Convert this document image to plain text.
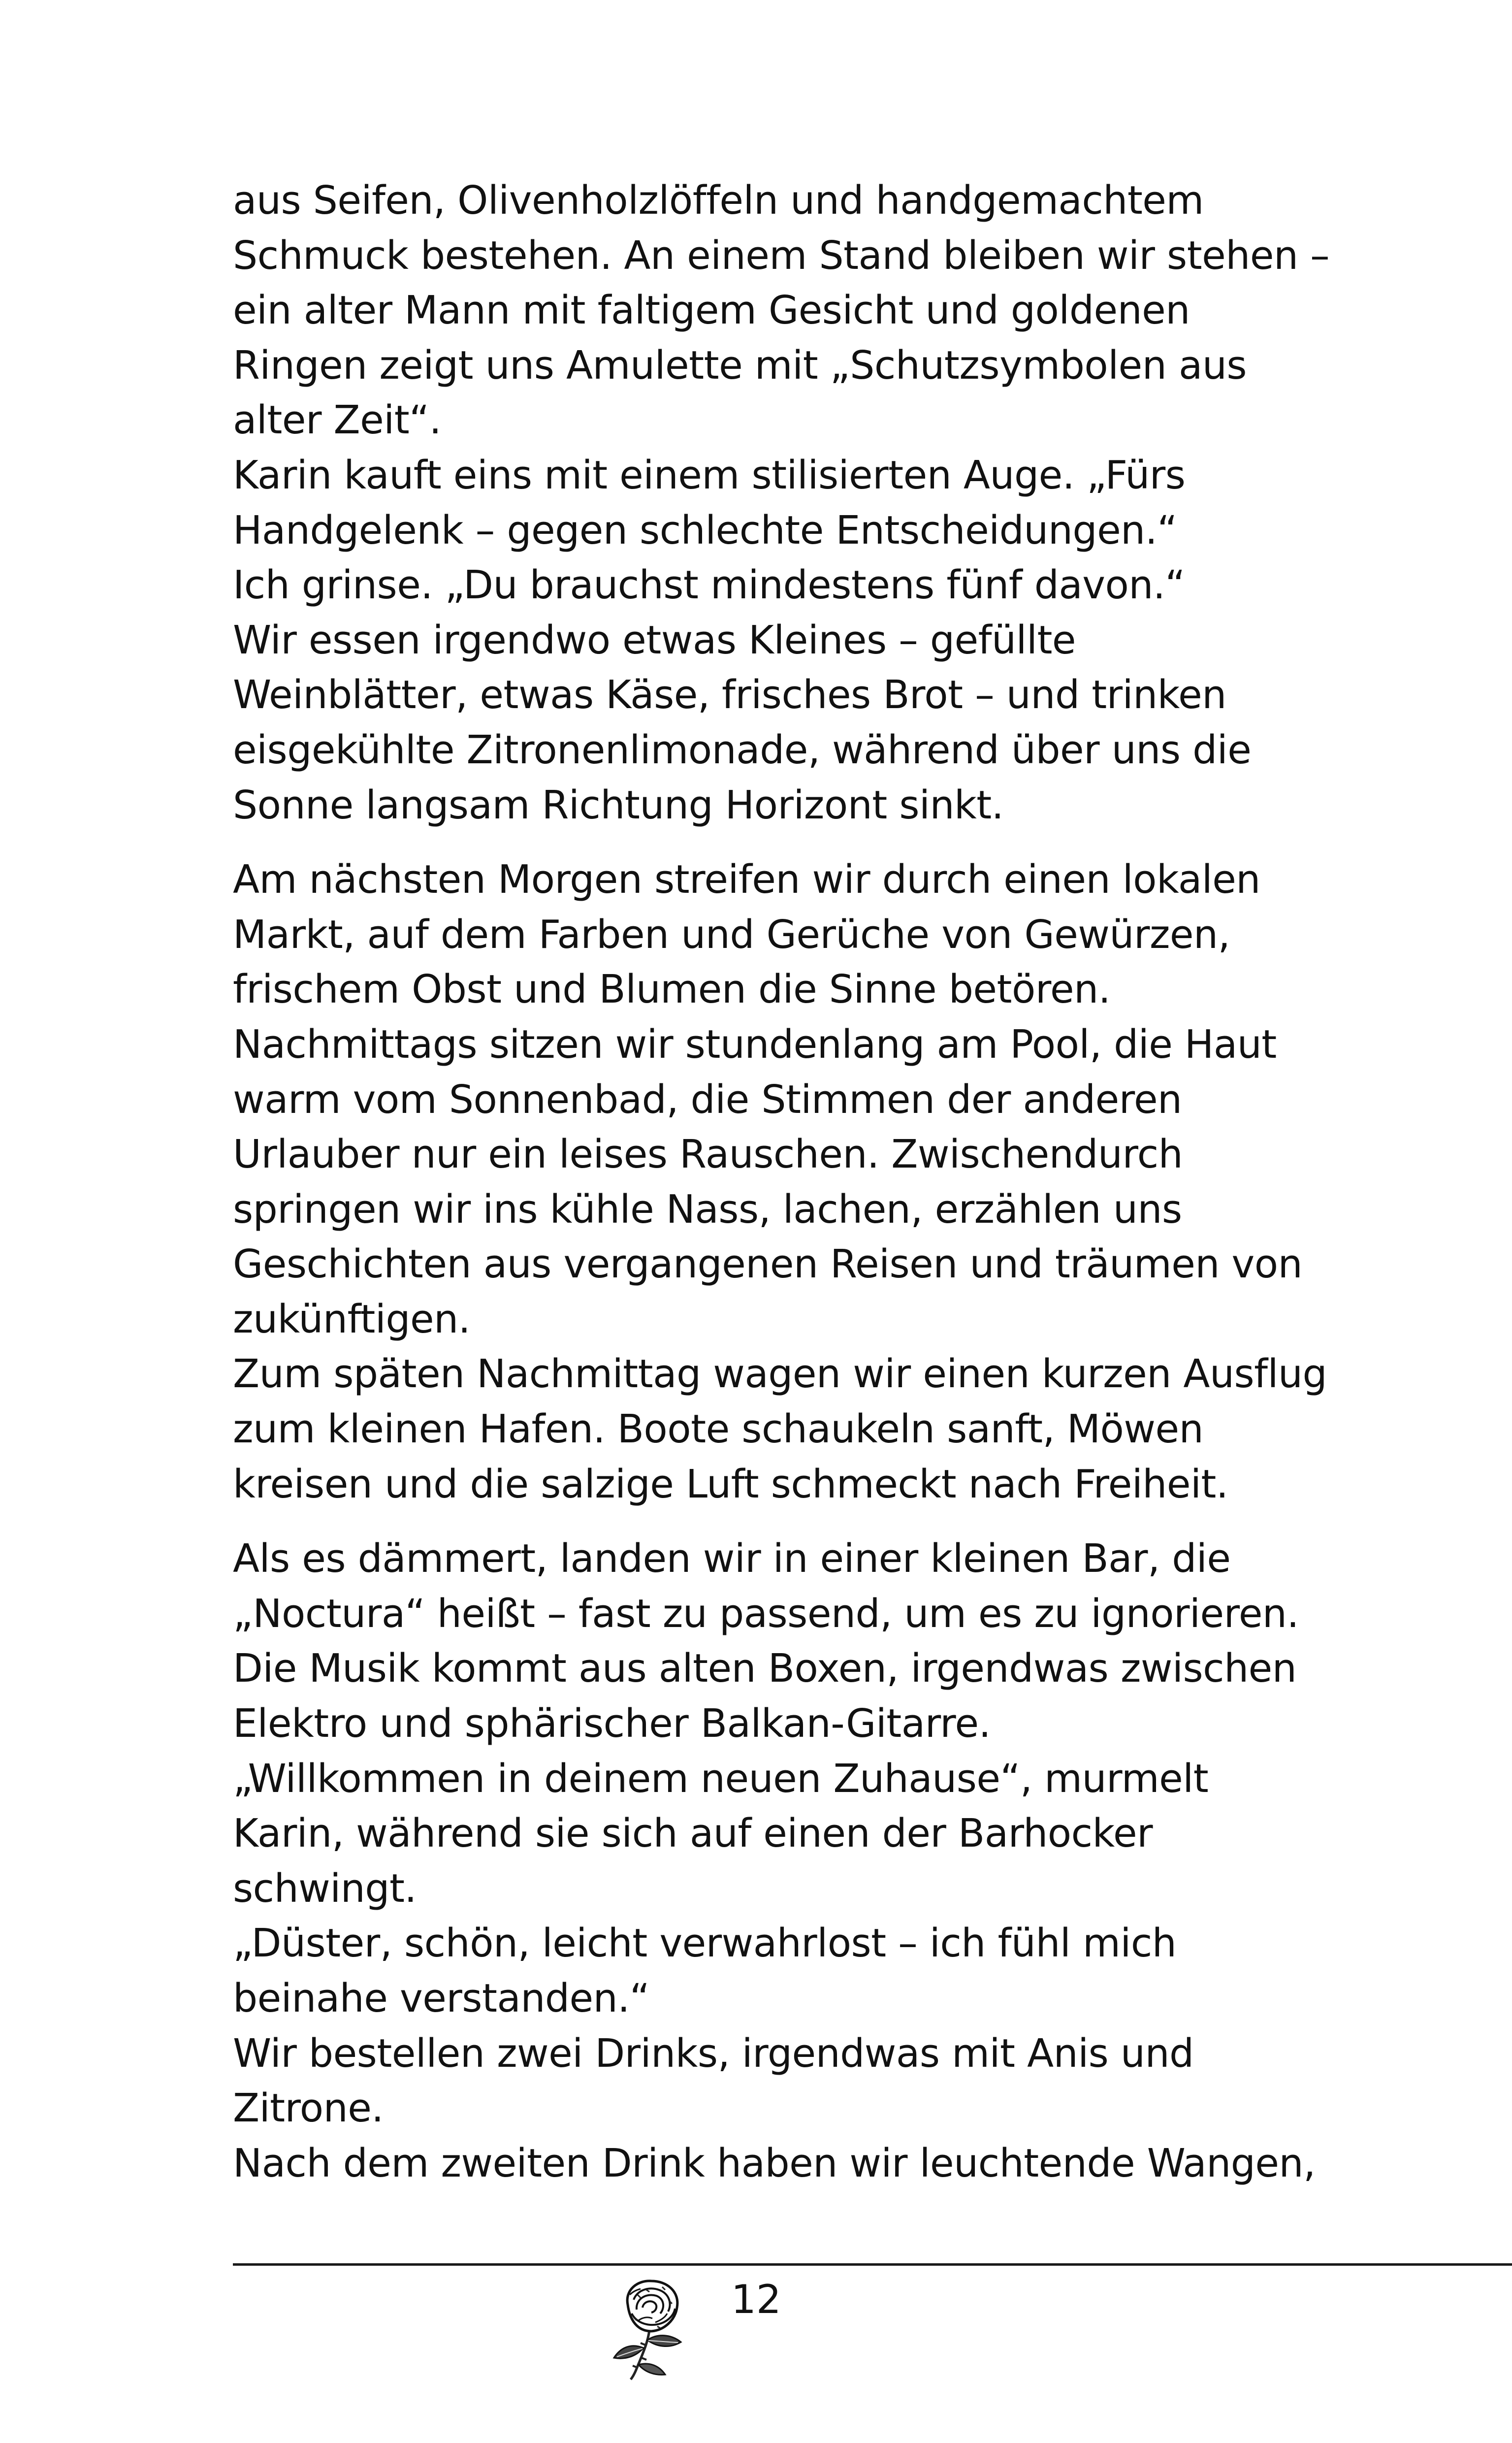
aus Seifen, Olivenholzlöffeln und handgemachtem
Schmuck bestehen. An einem Stand bleiben wir stehen –
ein alter Mann mit faltigem Gesicht und goldenen
Ringen zeigt uns Amulette mit „Schutzsymbolen aus
alter Zeit“.
Karin kauft eins mit einem stilisierten Auge. „Fürs
Handgelenk – gegen schlechte Entscheidungen.“
Ich grinse. „Du brauchst mindestens fünf davon.“
Wir essen irgendwo etwas Kleines – gefüllte
Weinblätter, etwas Käse, frisches Brot – und trinken
eisgekühlte Zitronenlimonade, während über uns die
Sonne langsam Richtung Horizont sinkt.
Am nächsten Morgen streifen wir durch einen lokalen
Markt, auf dem Farben und Gerüche von Gewürzen,
frischem Obst und Blumen die Sinne betören.
Nachmittags sitzen wir stundenlang am Pool, die Haut
warm vom Sonnenbad, die Stimmen der anderen
Urlauber nur ein leises Rauschen. Zwischendurch
springen wir ins kühle Nass, lachen, erzählen uns
Geschichten aus vergangenen Reisen und träumen von
zukünftigen.
Zum späten Nachmittag wagen wir einen kurzen Ausflug
zum kleinen Hafen. Boote schaukeln sanft, Möwen
kreisen und die salzige Luft schmeckt nach Freiheit.
Als es dämmert, landen wir in einer kleinen Bar, die
„Noctura“ heißt – fast zu passend, um es zu ignorieren.
Die Musik kommt aus alten Boxen, irgendwas zwischen
Elektro und sphärischer Balkan-Gitarre.
„Willkommen in deinem neuen Zuhause“, murmelt
Karin, während sie sich auf einen der Barhocker
schwingt.
„Düster, schön, leicht verwahrlost – ich fühl mich
beinahe verstanden.“
Wir bestellen zwei Drinks, irgendwas mit Anis und
Zitrone.
Nach dem zweiten Drink haben wir leuchtende Wangen,
12
